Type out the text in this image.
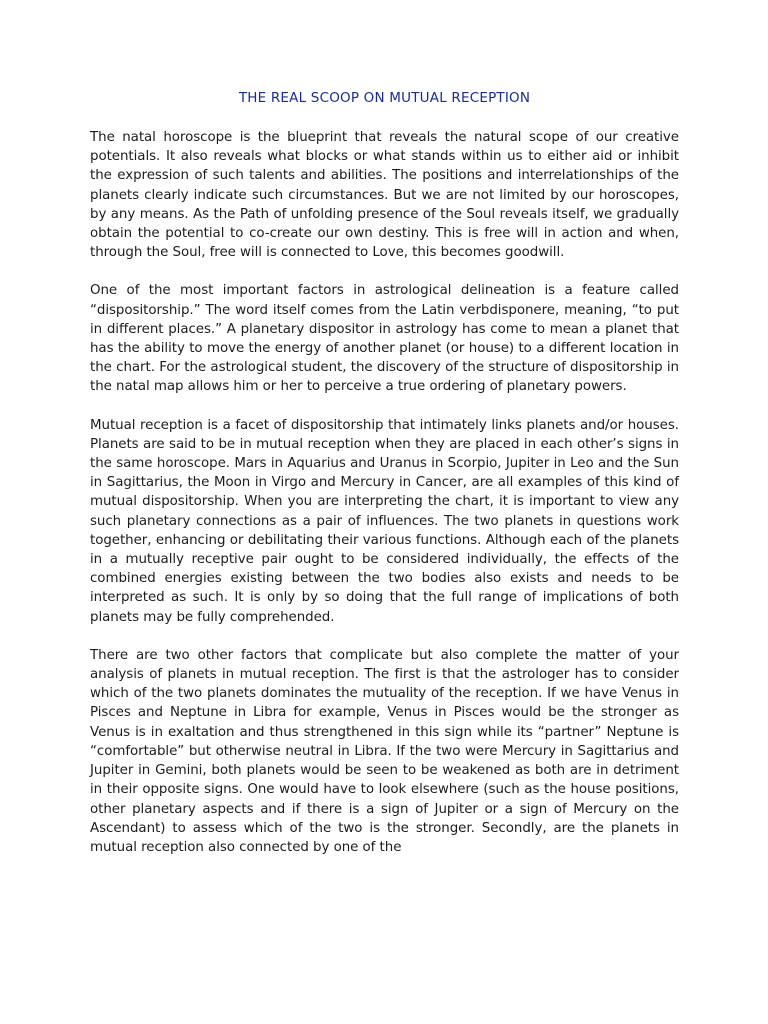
THE REAL SCOOP ON MUTUAL RECEPTION

The natal horoscope is the blueprint that reveals the natural scope of our creative potentials. It also reveals what blocks or what stands within us to either aid or inhibit the expression of such talents and abilities. The positions and interrelationships of the planets clearly indicate such circumstances. But we are not limited by our horoscopes, by any means. As the Path of unfolding presence of the Soul reveals itself, we gradually obtain the potential to co-create our own destiny. This is free will in action and when, through the Soul, free will is connected to Love, this becomes goodwill.

One of the most important factors in astrological delineation is a feature called “dispositorship.” The word itself comes from the Latin verbdisponere, meaning, “to put in different places.” A planetary dispositor in astrology has come to mean a planet that has the ability to move the energy of another planet (or house) to a different location in the chart. For the astrological student, the discovery of the structure of dispositorship in the natal map allows him or her to perceive a true ordering of planetary powers.

Mutual reception is a facet of dispositorship that intimately links planets and/or houses. Planets are said to be in mutual reception when they are placed in each other’s signs in the same horoscope. Mars in Aquarius and Uranus in Scorpio, Jupiter in Leo and the Sun in Sagittarius, the Moon in Virgo and Mercury in Cancer, are all examples of this kind of mutual dispositorship. When you are interpreting the chart, it is important to view any such planetary connections as a pair of influences. The two planets in questions work together, enhancing or debilitating their various functions. Although each of the planets in a mutually receptive pair ought to be considered individually, the effects of the combined energies existing between the two bodies also exists and needs to be interpreted as such. It is only by so doing that the full range of implications of both planets may be fully comprehended.

There are two other factors that complicate but also complete the matter of your analysis of planets in mutual reception. The first is that the astrologer has to consider which of the two planets dominates the mutuality of the reception. If we have Venus in Pisces and Neptune in Libra for example, Venus in Pisces would be the stronger as Venus is in exaltation and thus strengthened in this sign while its “partner” Neptune is “comfortable” but otherwise neutral in Libra. If the two were Mercury in Sagittarius and Jupiter in Gemini, both planets would be seen to be weakened as both are in detriment in their opposite signs. One would have to look elsewhere (such as the house positions, other planetary aspects and if there is a sign of Jupiter or a sign of Mercury on the Ascendant) to assess which of the two is the stronger. Secondly, are the planets in mutual reception also connected by one of the
